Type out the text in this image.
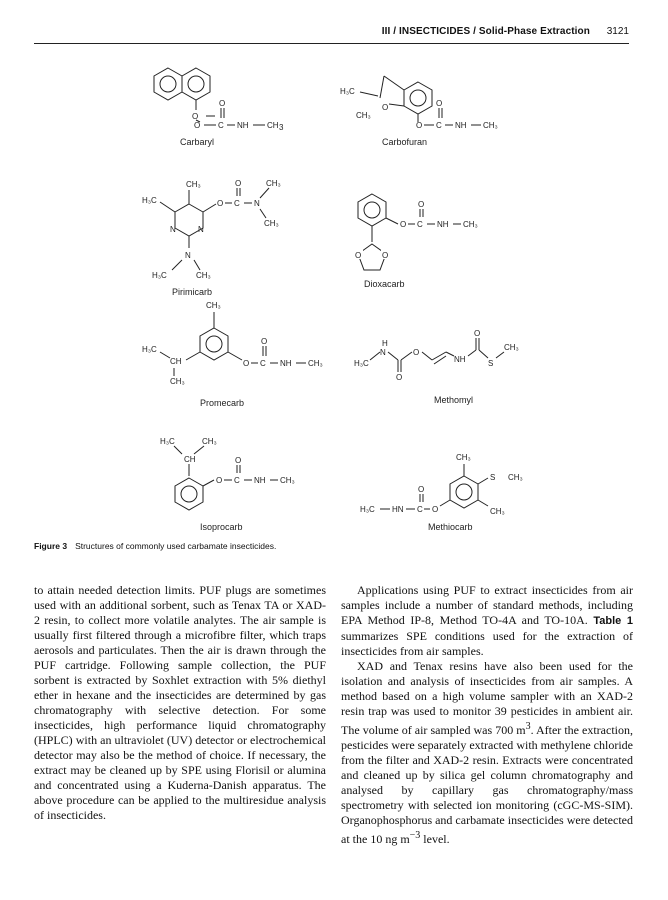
III / INSECTICIDES / Solid-Phase Extraction 3121
O
O C
O
NH CH 3
Carbaryl
O
H₃C
CH₃
O C
O
NH CH₃
Carbofuran
CH₃
H₃C
N	N
O C
O
N
CH₃
CH₃
N
H₃C	CH₃
Pirimicarb
O C
O
NH CH₃
O	O
Dioxacarb
CH₃
H₃C
CH
CH₃
O C
O
NH CH₃
Promecarb
H₃C
H
N
O
O
NH
O
S
CH₃
Methomyl
H₃C	CH₃
CH
O C
O
NH CH₃
Isoprocarb
CH₃
S CH₃
CH₃
O
C
O
HN
H₃C
Methiocarb
Figure 3 Structures of commonly used carbamate insecticides.

to attain needed detection limits. PUF plugs are sometimes used with an additional sorbent, such as Tenax TA or XAD-2 resin, to collect more volatile analytes. The air sample is usually first filtered through a microfibre filter, which traps aerosols and particulates. Then the air is drawn through the PUF cartridge. Following sample collection, the PUF sorbent is extracted by Soxhlet extraction with 5% diethyl ether in hexane and the insecticides are determined by gas chromatography with selective detection. For some insecticides, high performance liquid chromatography (HPLC) with an ultraviolet (UV) detector or electrochemical detector may also be the method of choice. If necessary, the extract may be cleaned up by SPE using Florisil or alumina and concentrated using a Kuderna-Danish apparatus. The above procedure can be applied to the multiresidue analysis of insecticides.

Applications using PUF to extract insecticides from air samples include a number of standard methods, including EPA Method IP-8, Method TO-4A and TO-10A. Table 1 summarizes SPE conditions used for the extraction of insecticides from air samples.

XAD and Tenax resins have also been used for the isolation and analysis of insecticides from air samples. A method based on a high volume sampler with an XAD-2 resin trap was used to monitor 39 pesticides in ambient air. The volume of air sampled was 700 $m^3$. After the extraction, pesticides were separately extracted with methylene chloride from the filter and XAD-2 resin. Extracts were concentrated and cleaned up by silica gel column chromatography and analysed by capillary gas chromatography/mass spectrometry with selected ion monitoring (cGC-MS-SIM). Organophosphorus and carbamate insecticides were detected at the 10 ng $m^{-3}$ level.
